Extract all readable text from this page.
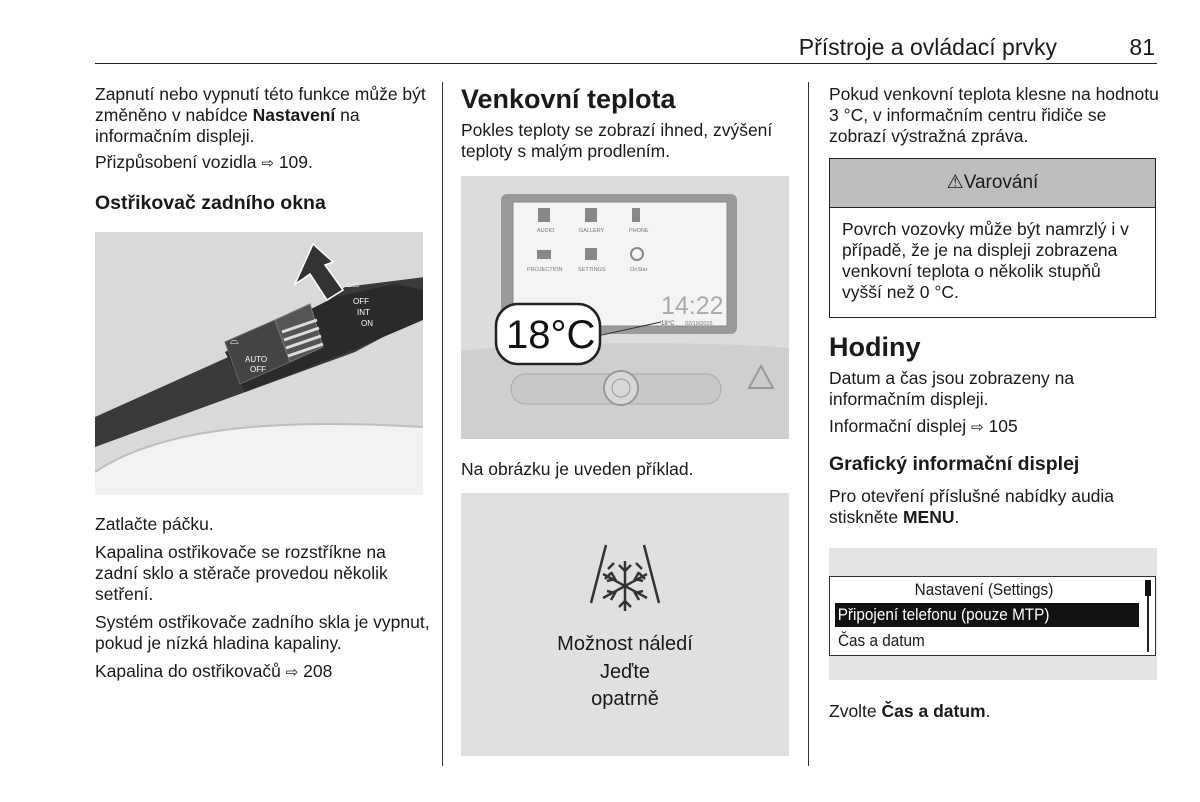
Přístroje a ovládací prvky	81

Zapnutí nebo vypnutí této funkce může být změněno v nabídce Nastavení na informačním displeji.

Přizpůsobení vozidla ⇨ 109.

Ostřikovač zadního okna
⌓⌓
OFF
INT
ON
AUTO
OFF
⌓

Zatlačte páčku.

Kapalina ostřikovače se rozstříkne na zadní sklo a stěrače provedou několik setření.

Systém ostřikovače zadního skla je vypnut, pokud je nízká hladina kapaliny.

Kapalina do ostřikovačů ⇨ 208

Venkovní teplota

Pokles teploty se zobrazí ihned, zvýšení teploty s malým prodlením.

AUDIO	GALLERY	PHONE
PROJECTION	SETTINGS	OnStar
14:22
18°C 02/10/2015
18°C

Na obrázku je uveden příklad.

Možnost náledí
Jeďte
opatrně

Pokud venkovní teplota klesne na hodnotu 3 °C, v informačním centru řidiče se zobrazí výstražná zpráva.

⚠Varování

Povrch vozovky může být namrzlý i v případě, že je na displeji zobrazena venkovní teplota o několik stupňů vyšší než 0 °C.

Hodiny

Datum a čas jsou zobrazeny na informačním displeji.

Informační displej ⇨ 105

Grafický informační displej

Pro otevření příslušné nabídky audia stiskněte MENU.

Nastavení (Settings)
Připojení telefonu (pouze MTP)
Čas a datum

Zvolte Čas a datum.
